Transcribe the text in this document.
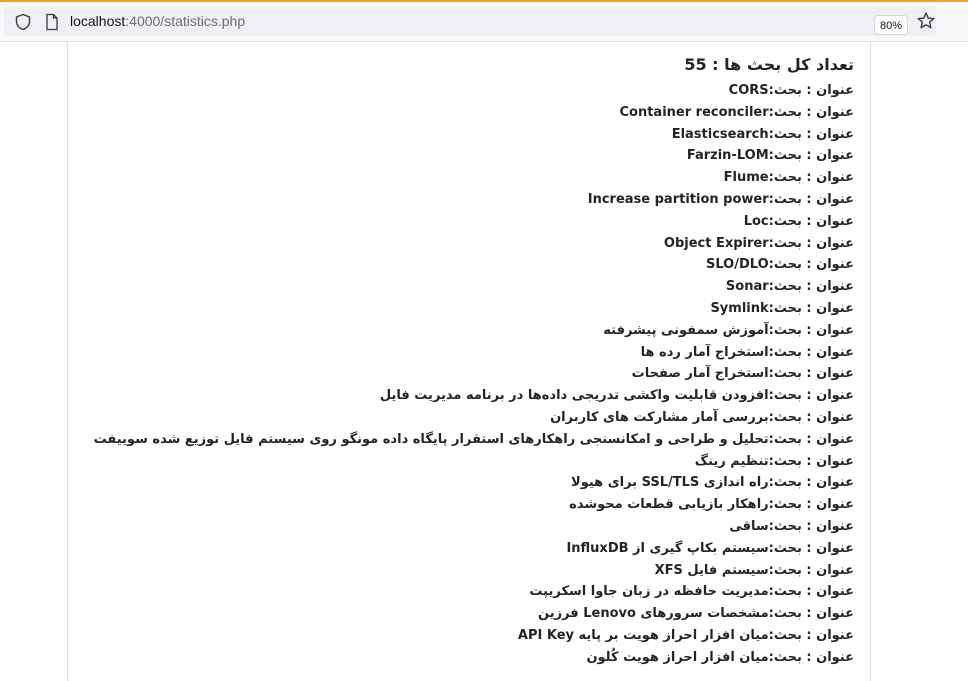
localhost:4000/statistics.php	80%
تعداد کل بحث ها : 55
عنوان : بحث:CORS
عنوان : بحث:Container reconciler
عنوان : بحث:Elasticsearch
عنوان : بحث:Farzin-LOM
عنوان : بحث:Flume
عنوان : بحث:Increase partition power
عنوان : بحث:Loc
عنوان : بحث:Object Expirer
عنوان : بحث:SLO/DLO
عنوان : بحث:Sonar
عنوان : بحث:Symlink
عنوان : بحث:آموزش سمفونی پیشرفته
عنوان : بحث:استخراج آمار رده ها
عنوان : بحث:استخراج آمار صفحات
عنوان : بحث:افزودن قابلیت واکشی تدریجی داده‌ها در برنامه مدیریت فایل
عنوان : بحث:بررسی آمار مشارکت های کاربران
عنوان : بحث:تحلیل و طراحی و امکانسنجی راهکارهای استقرار پایگاه داده مونگو روی سیستم فایل توزیع شده سوییفت
عنوان : بحث:تنظیم رینگ
عنوان : بحث:راه اندازی SSL/TLS برای هیولا
عنوان : بحث:راهکار بازیابی قطعات محوشده
عنوان : بحث:ساقی
عنوان : بحث:سیستم بکاپ گیری از InfluxDB
عنوان : بحث:سیستم فایل XFS
عنوان : بحث:مدیریت حافظه در زبان جاوا اسکریپت
عنوان : بحث:مشخصات سرورهای Lenovo فرزین
عنوان : بحث:میان افزار احراز هویت بر پایه API Key
عنوان : بحث:میان افزار احراز هویت کُلون
